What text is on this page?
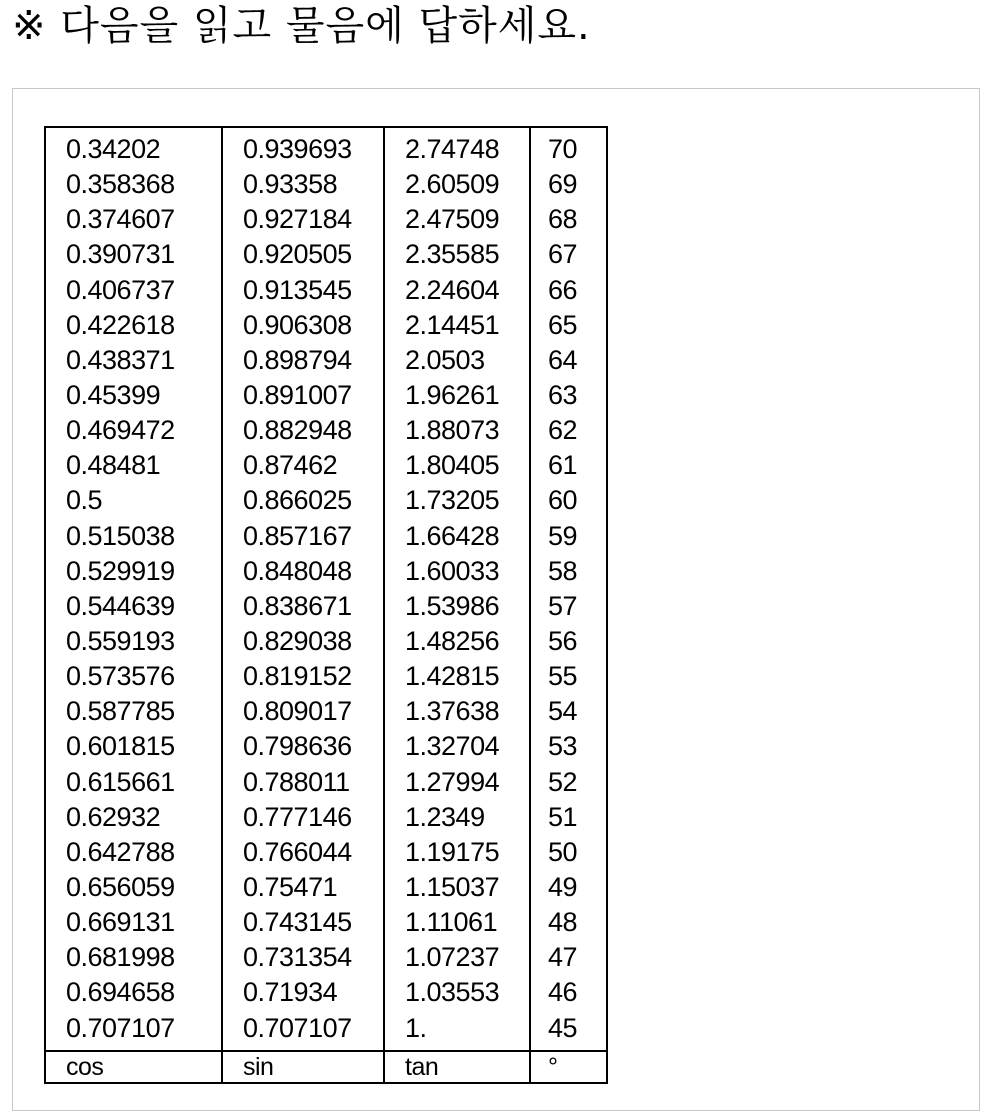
※ 다음을 읽고 물음에 답하세요.
0.34202	0.939693	2.74748	70
0.358368	0.93358	2.60509	69
0.374607	0.927184	2.47509	68
0.390731	0.920505	2.35585	67
0.406737	0.913545	2.24604	66
0.422618	0.906308	2.14451	65
0.438371	0.898794	2.0503	64
0.45399	0.891007	1.96261	63
0.469472	0.882948	1.88073	62
0.48481	0.87462	1.80405	61
0.5	0.866025	1.73205	60
0.515038	0.857167	1.66428	59
0.529919	0.848048	1.60033	58
0.544639	0.838671	1.53986	57
0.559193	0.829038	1.48256	56
0.573576	0.819152	1.42815	55
0.587785	0.809017	1.37638	54
0.601815	0.798636	1.32704	53
0.615661	0.788011	1.27994	52
0.62932	0.777146	1.2349	51
0.642788	0.766044	1.19175	50
0.656059	0.75471	1.15037	49
0.669131	0.743145	1.11061	48
0.681998	0.731354	1.07237	47
0.694658	0.71934	1.03553	46
0.707107	0.707107	1.	45
cos	sin	tan	°
